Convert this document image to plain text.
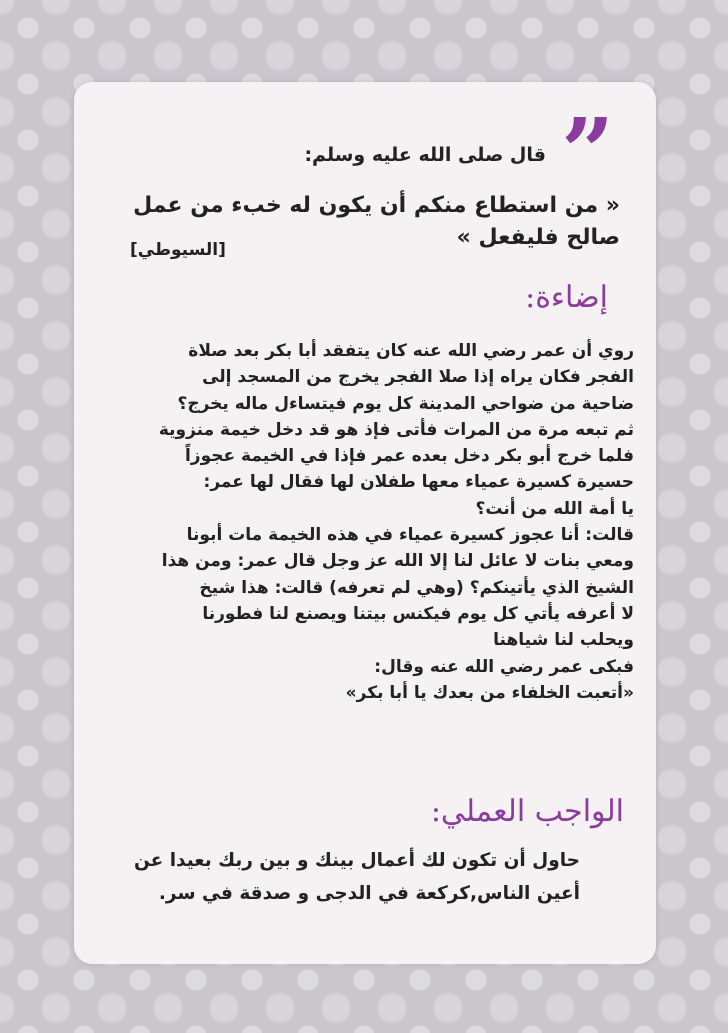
”
قال صلى الله عليه وسلم:

« من استطاع منكم أن يكون له خبء من عمل

صالح فليفعل »

[السيوطي]
إضاءة:

روي أن عمر رضي الله عنه كان يتفقد أبا بكر بعد صلاة

الفجر فكان يراه إذا صلا الفجر يخرج من المسجد إلى

ضاحية من ضواحي المدينة كل يوم فيتساءل ماله يخرج؟

ثم تبعه مرة من المرات فأتى فإذ هو قد دخل خيمة منزوية

فلما خرج أبو بكر دخل بعده عمر فإذا في الخيمة عجوزاً

حسيرة كسيرة عمياء معها طفلان لها فقال لها عمر:

يا أمة الله من أنت؟

قالت: أنا عجوز كسيرة عمياء في هذه الخيمة مات أبونا

ومعي بنات لا عائل لنا إلا الله عز وجل قال عمر: ومن هذا

الشيخ الذي يأتينكم؟ (وهي لم تعرفه) قالت: هذا شيخ

لا أعرفه يأتي كل يوم فيكنس بيتنا ويصنع لنا فطورنا

ويحلب لنا شياهنا

فبكى عمر رضي الله عنه وقال:

«أتعبت الخلفاء من بعدك يا أبا بكر»

الواجب العملي:

حاول أن تكون لك أعمال بينك و بين ربك بعيدا عن

أعين الناس,كركعة في الدجى و صدقة في سر.
